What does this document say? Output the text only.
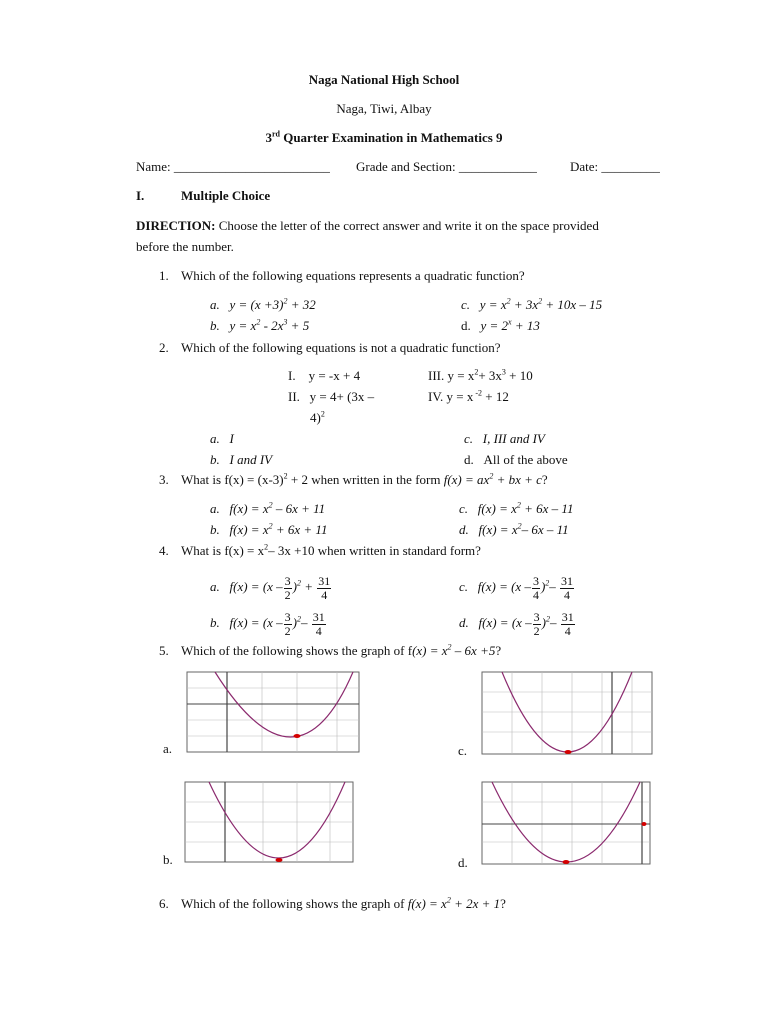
Naga National High School
Naga, Tiwi, Albay
3rd Quarter Examination in Mathematics 9
Name: ________________________ Grade and Section: ____________	Date: _________
I.	Multiple Choice
DIRECTION: Choose the letter of the correct answer and write it on the space provided
before the number.
1. Which of the following equations represents a quadratic function?
a. $y = (x +3)^2 + 32$
b. $y = x^2 - 2x^3 + 5$
c. $y = x^2 + 3x^2 + 10x - 15$
d. $y = 2^x + 13$
2. Which of the following equations is not a quadratic function?
I.    y = -x + 4
II.   y = 4+ (3x –
4)$^2$
III. $y = x^2+ 3x^3 + 10$
IV. y = x $^{-2}$ + 12
a. I
b. I and IV
c. I, III and IV
d. All of the above
3. What is $f(x) = (x-3)^2 + 2$ when written in the form $f(x) = ax^2$ + bx + c?
a. $f(x) = x^2 - 6x + 11$
b. $f(x) = x^2 + 6x + 11$
c. $f(x) = x^2 + 6x - 11$
d. $f(x) = x^2-$ 6x – 11
4. What is $f(x) = x^2-$ 3x +10 when written in standard form?
a. $f(x) = (x - \frac{3}{2} )^2 + \frac{31}{4}$
b. $f(x) = (x - \frac{3}{2} )^2- \frac{31}{4}$
c. $f(x) = (x - \frac{3}{4} )^2- \frac{31}{4}$
d. $f(x) = (x - \frac{3}{2} )^2- \frac{31}{4}$
5. Which of the following shows the graph of $f(x) = x^2 - 6x +5$?
a.
b.
c.
d.
6. Which of the following shows the graph of $f(x) = x^2 + 2x + 1$?
